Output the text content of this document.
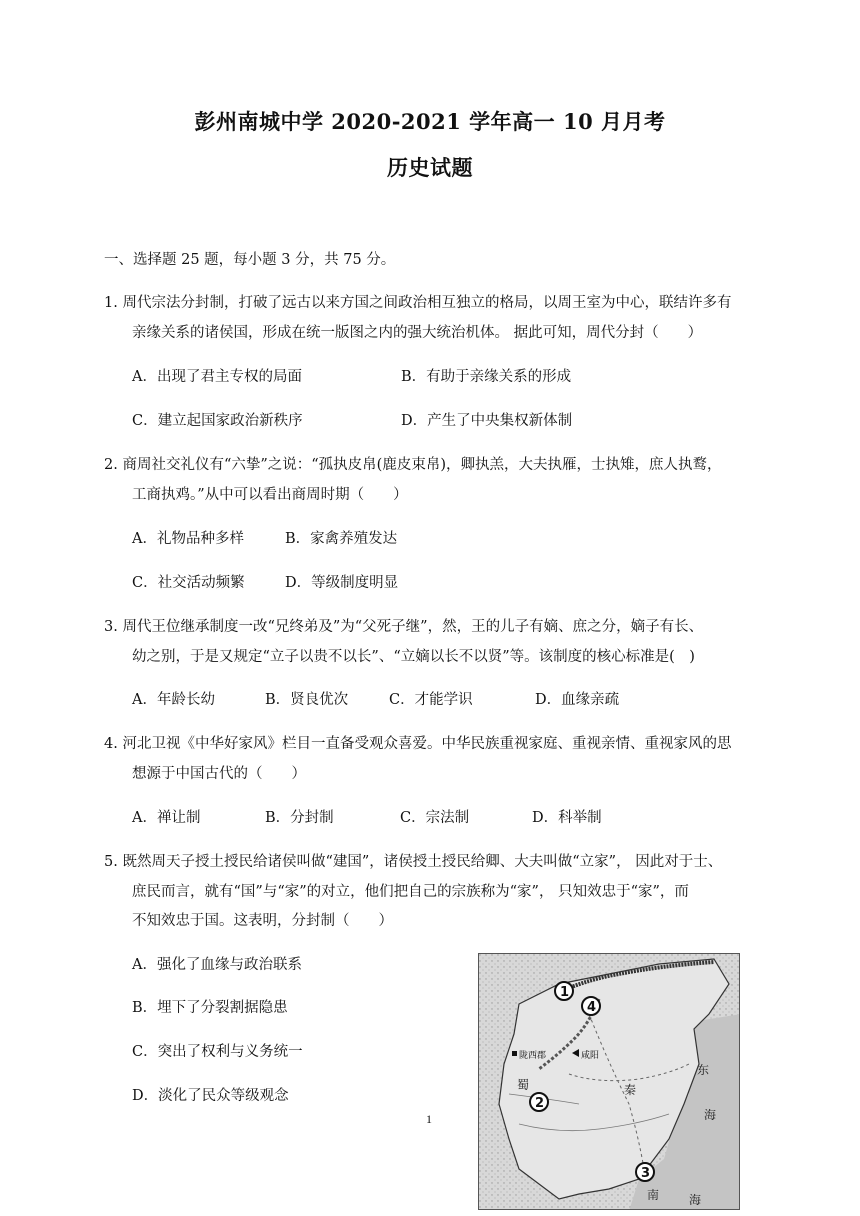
彭州南城中学 2020-2021 学年高一 10 月月考
历史试题
一、选择题 25 题，每小题 3 分，共 75 分。
1. 周代宗法分封制，打破了远古以来方国之间政治相互独立的格局，以周王室为中心，联结许多有
亲缘关系的诸侯国，形成在统一版图之内的强大统治机体。 据此可知，周代分封（　　）
A．出现了君主专权的局面	B．有助于亲缘关系的形成
C．建立起国家政治新秩序	D．产生了中央集权新体制
2. 商周社交礼仪有“六挚”之说：“孤执皮帛(鹿皮束帛)，卿执羔，大夫执雁，士执雉，庶人执鹜，
工商执鸡。”从中可以看出商周时期（　　）
A．礼物品种多样	B．家禽养殖发达
C．社交活动频繁	D．等级制度明显
3. 周代王位继承制度一改“兄终弟及”为“父死子继”，然，王的儿子有嫡、庶之分，嫡子有长、
幼之别，于是又规定“立子以贵不以长”、“立嫡以长不以贤”等。该制度的核心标准是(　)
A．年龄长幼	B．贤良优次	C．才能学识	D．血缘亲疏
4. 河北卫视《中华好家风》栏目一直备受观众喜爱。中华民族重视家庭、重视亲情、重视家风的思
想源于中国古代的（　　）
A．禅让制	B．分封制	C．宗法制	D．科举制
5. 既然周天子授土授民给诸侯叫做“建国”，诸侯授土授民给卿、大夫叫做“立家”， 因此对于士、
庶民而言，就有“国”与“家”的对立，他们把自己的宗族称为“家”， 只知效忠于“家”，而
不知效忠于国。这表明，分封制（　　）
A．强化了血缘与政治联系
B．埋下了分裂割据隐患
C．突出了权利与义务统一
D．淡化了民众等级观念
陇西郡	咸阳
蜀	秦
东
海
南 海
1
4
2
3
1
